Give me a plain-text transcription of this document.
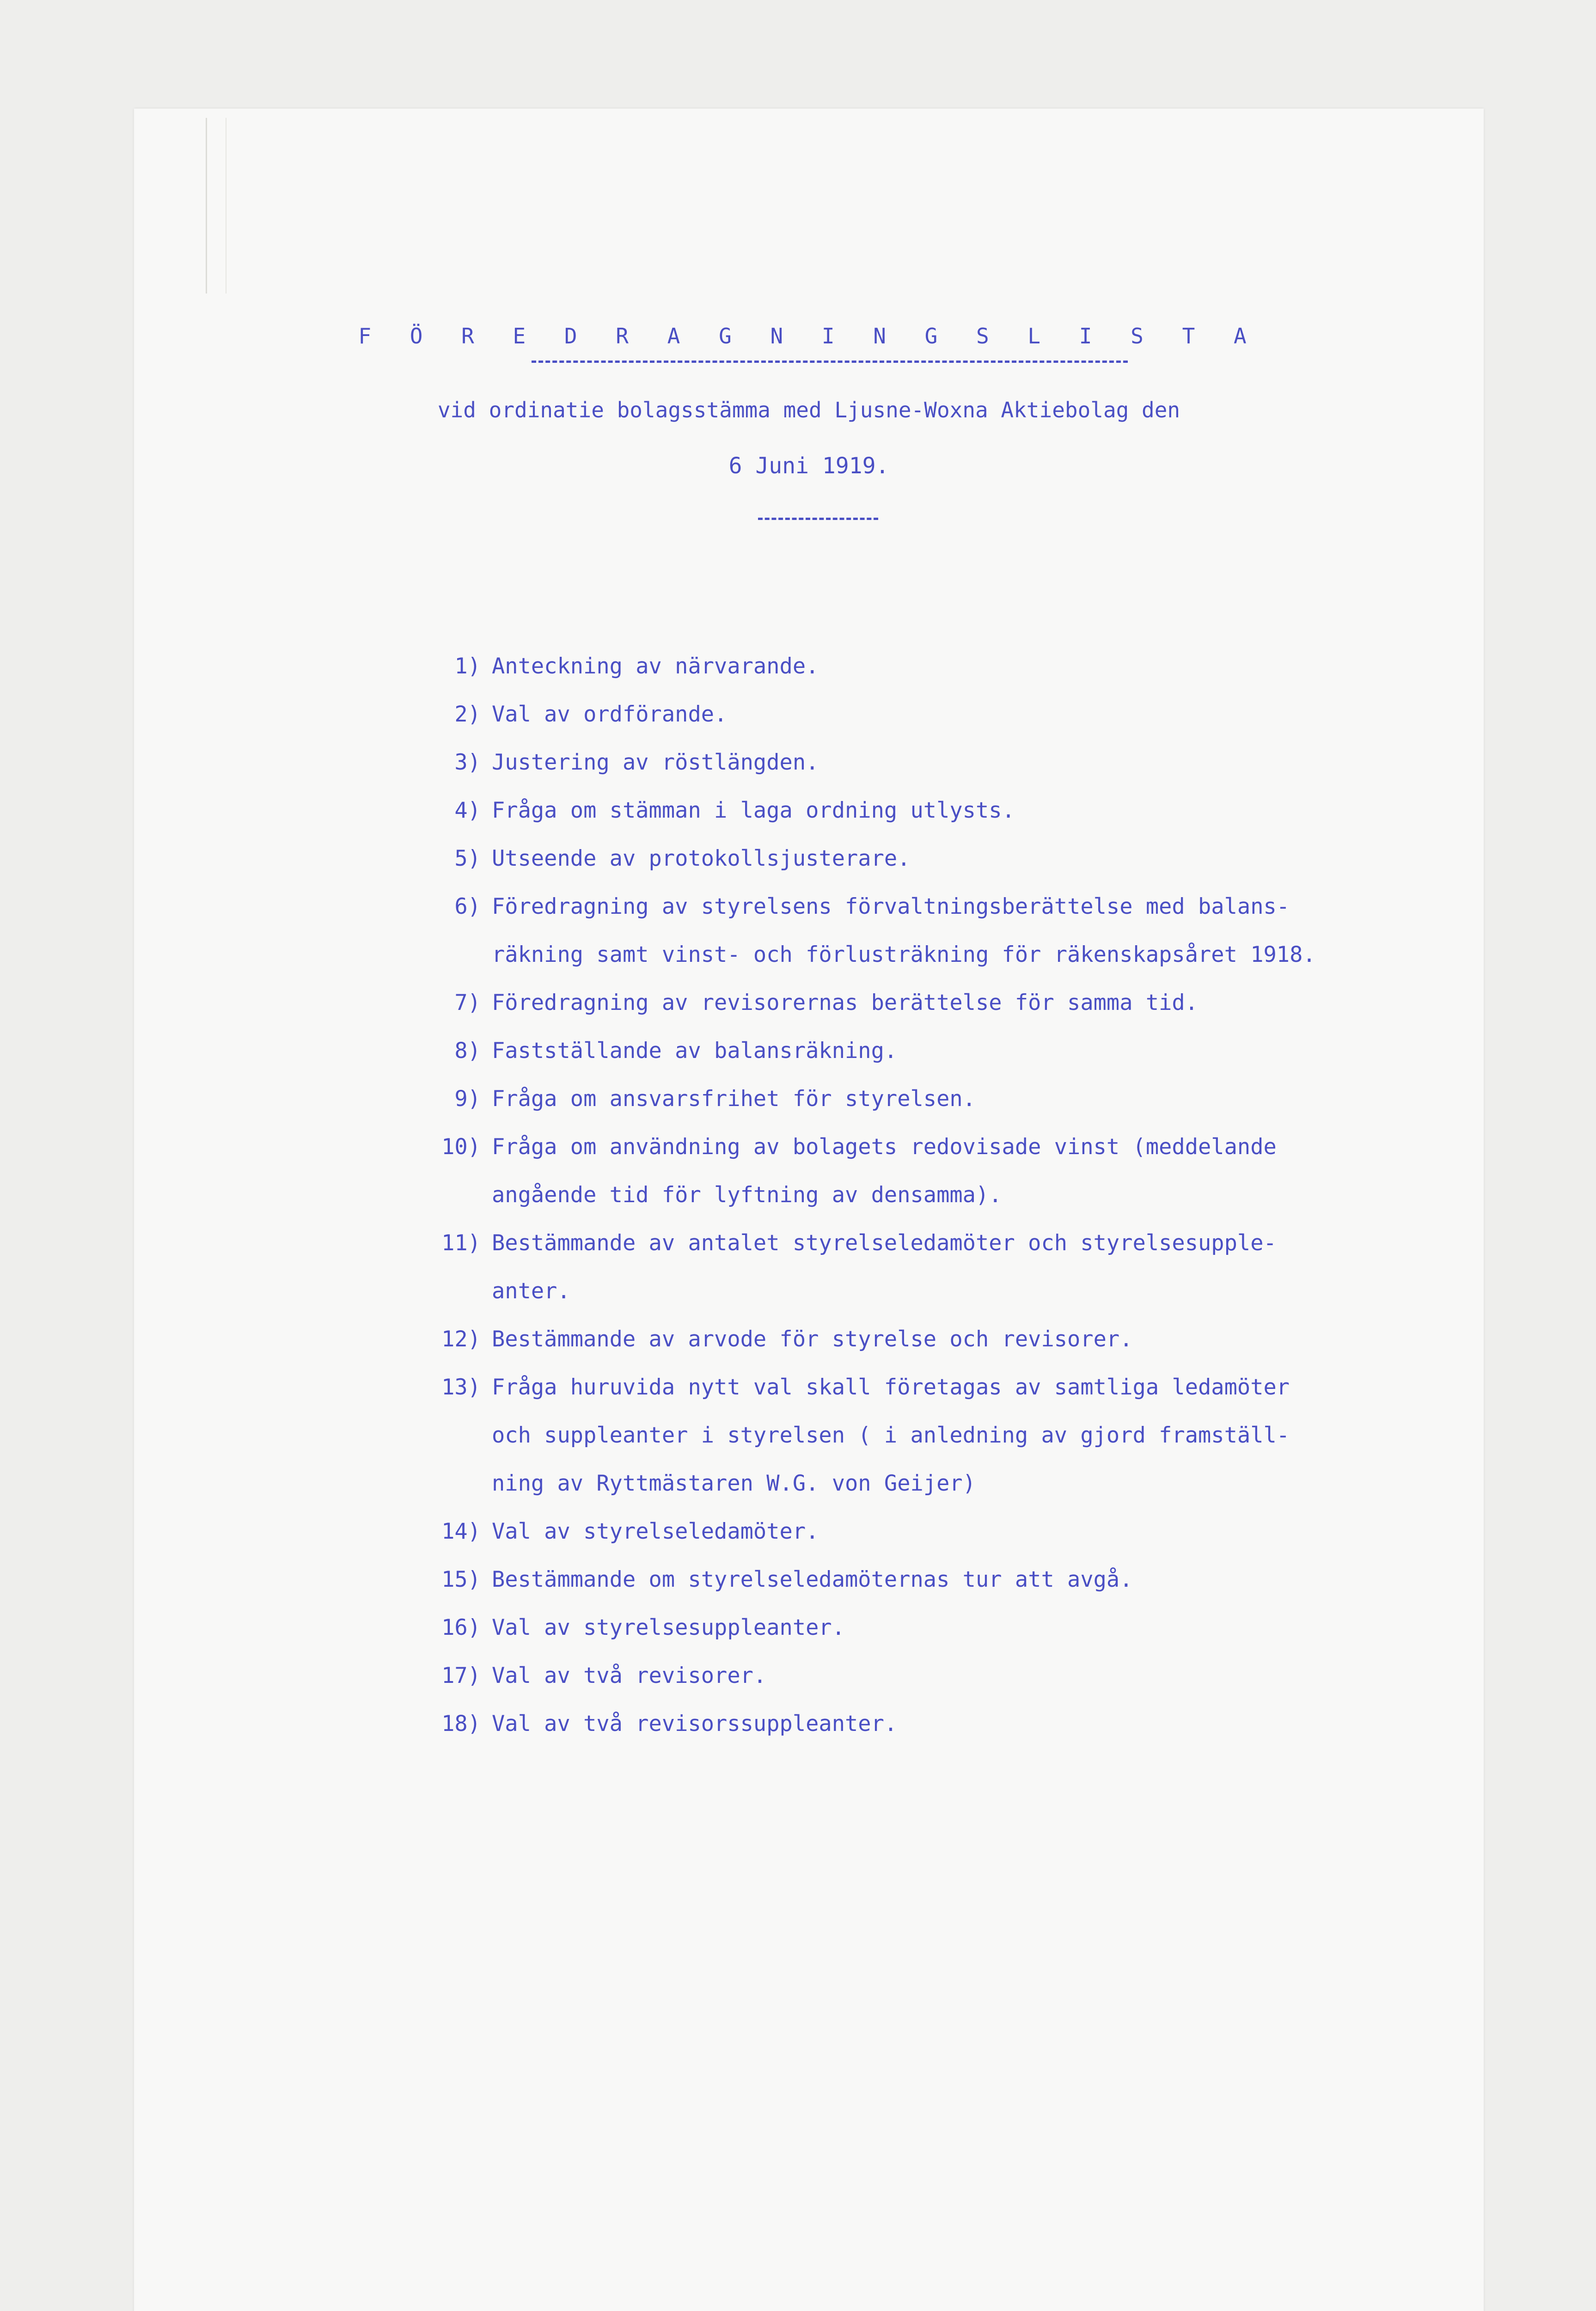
F Ö R E D R A G N I N G S L I S T A
vid ordinatie bolagsstämma med Ljusne-Woxna Aktiebolag den
6 Juni 1919.
1) Anteckning av närvarande.
2) Val av ordförande.
3) Justering av röstlängden.
4) Fråga om stämman i laga ordning utlysts.
5) Utseende av protokollsjusterare.
6) Föredragning av styrelsens förvaltningsberättelse med balans-
räkning samt vinst- och förlusträkning för räkenskapsåret 1918.
7) Föredragning av revisorernas berättelse för samma tid.
8) Fastställande av balansräkning.
9) Fråga om ansvarsfrihet för styrelsen.
10) Fråga om användning av bolagets redovisade vinst (meddelande
angående tid för lyftning av densamma).
11) Bestämmande av antalet styrelseledamöter och styrelsesupple-
anter.
12) Bestämmande av arvode för styrelse och revisorer.
13) Fråga huruvida nytt val skall företagas av samtliga ledamöter
och suppleanter i styrelsen ( i anledning av gjord framställ-
ning av Ryttmästaren W.G. von Geijer)
14) Val av styrelseledamöter.
15) Bestämmande om styrelseledamöternas tur att avgå.
16) Val av styrelsesuppleanter.
17) Val av två revisorer.
18) Val av två revisorssuppleanter.
